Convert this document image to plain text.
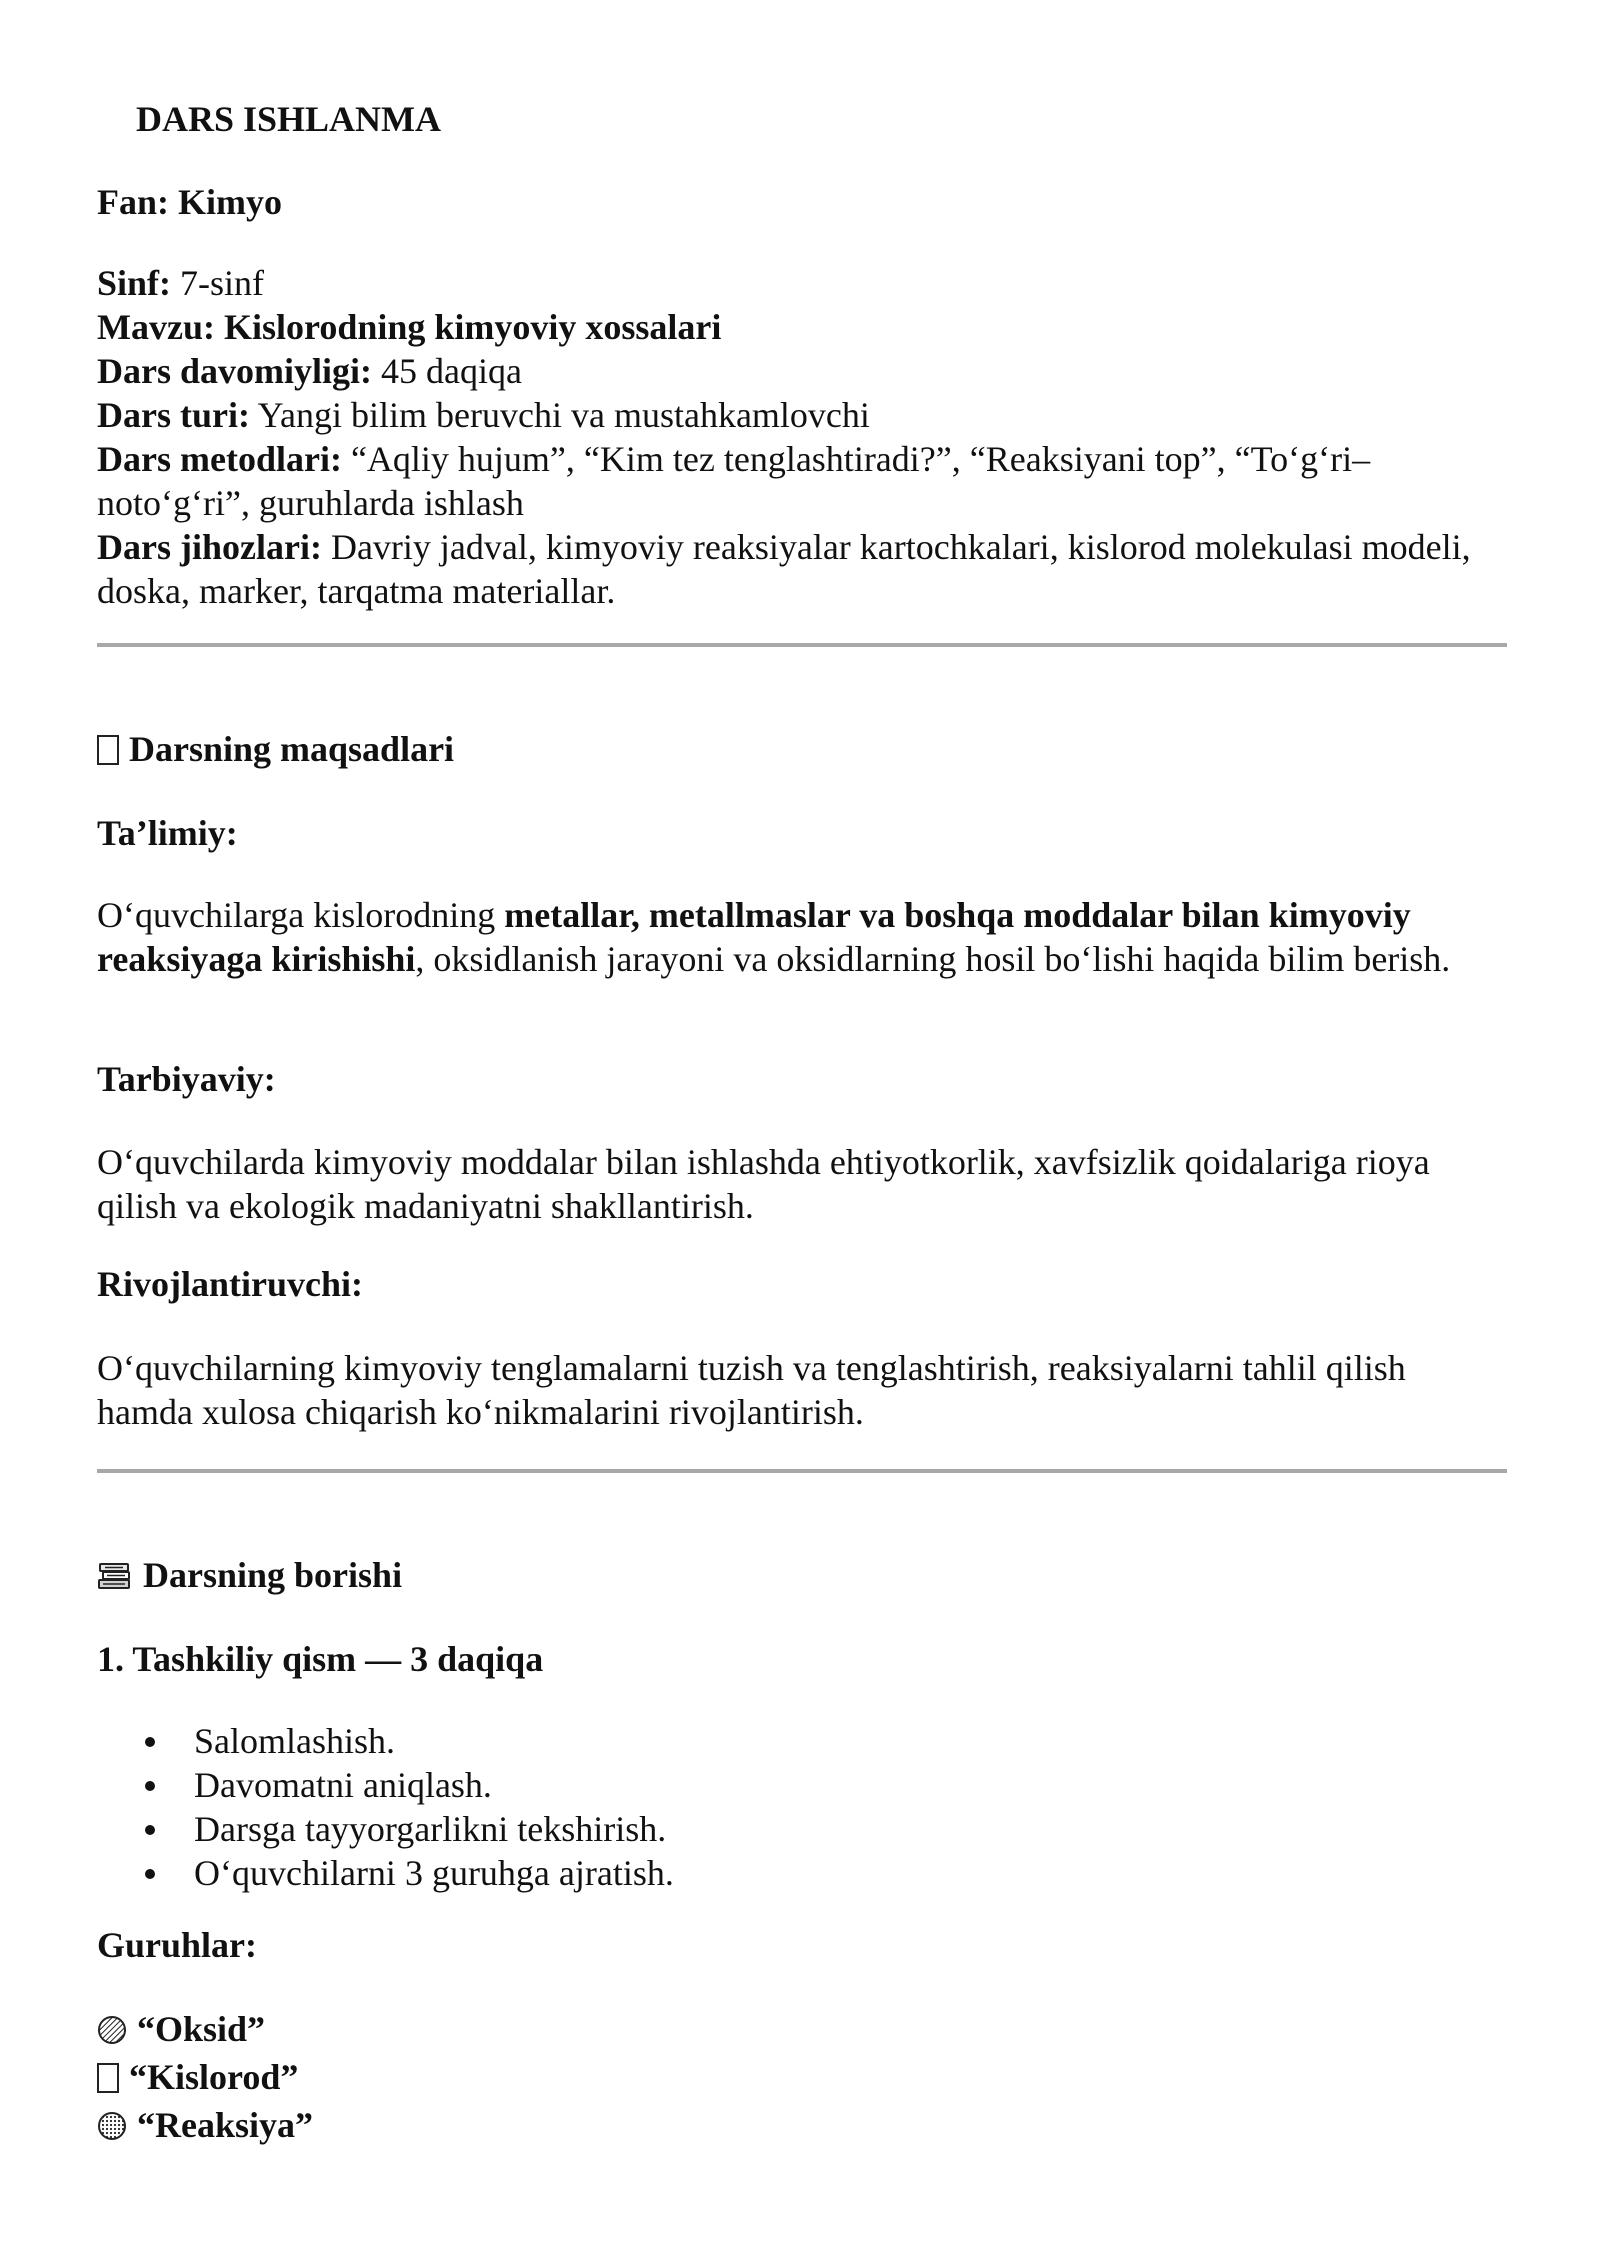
DARS ISHLANMA
Fan: Kimyo
Sinf: 7-sinf
Mavzu: Kislorodning kimyoviy xossalari
Dars davomiyligi: 45 daqiqa
Dars turi: Yangi bilim beruvchi va mustahkamlovchi
Dars metodlari: “Aqliy hujum”, “Kim tez tenglashtiradi?”, “Reaksiyani top”, “To‘g‘ri–noto‘g‘ri”, guruhlarda ishlash
Dars jihozlari: Davriy jadval, kimyoviy reaksiyalar kartochkalari, kislorod molekulasi modeli, doska, marker, tarqatma materiallar.
Darsning maqsadlari
Ta’limiy:
O‘quvchilarga kislorodning metallar, metallmaslar va boshqa moddalar bilan kimyoviy reaksiyaga kirishishi, oksidlanish jarayoni va oksidlarning hosil bo‘lishi haqida bilim berish.
Tarbiyaviy:
O‘quvchilarda kimyoviy moddalar bilan ishlashda ehtiyotkorlik, xavfsizlik qoidalariga rioya qilish va ekologik madaniyatni shakllantirish.
Rivojlantiruvchi:
O‘quvchilarning kimyoviy tenglamalarni tuzish va tenglashtirish, reaksiyalarni tahlil qilish hamda xulosa chiqarish ko‘nikmalarini rivojlantirish.
Darsning borishi
1. Tashkiliy qism — 3 daqiqa
Salomlashish.
Davomatni aniqlash.
Darsga tayyorgarlikni tekshirish.
O‘quvchilarni 3 guruhga ajratish.
Guruhlar:
“Oksid”
“Kislorod”
“Reaksiya”
